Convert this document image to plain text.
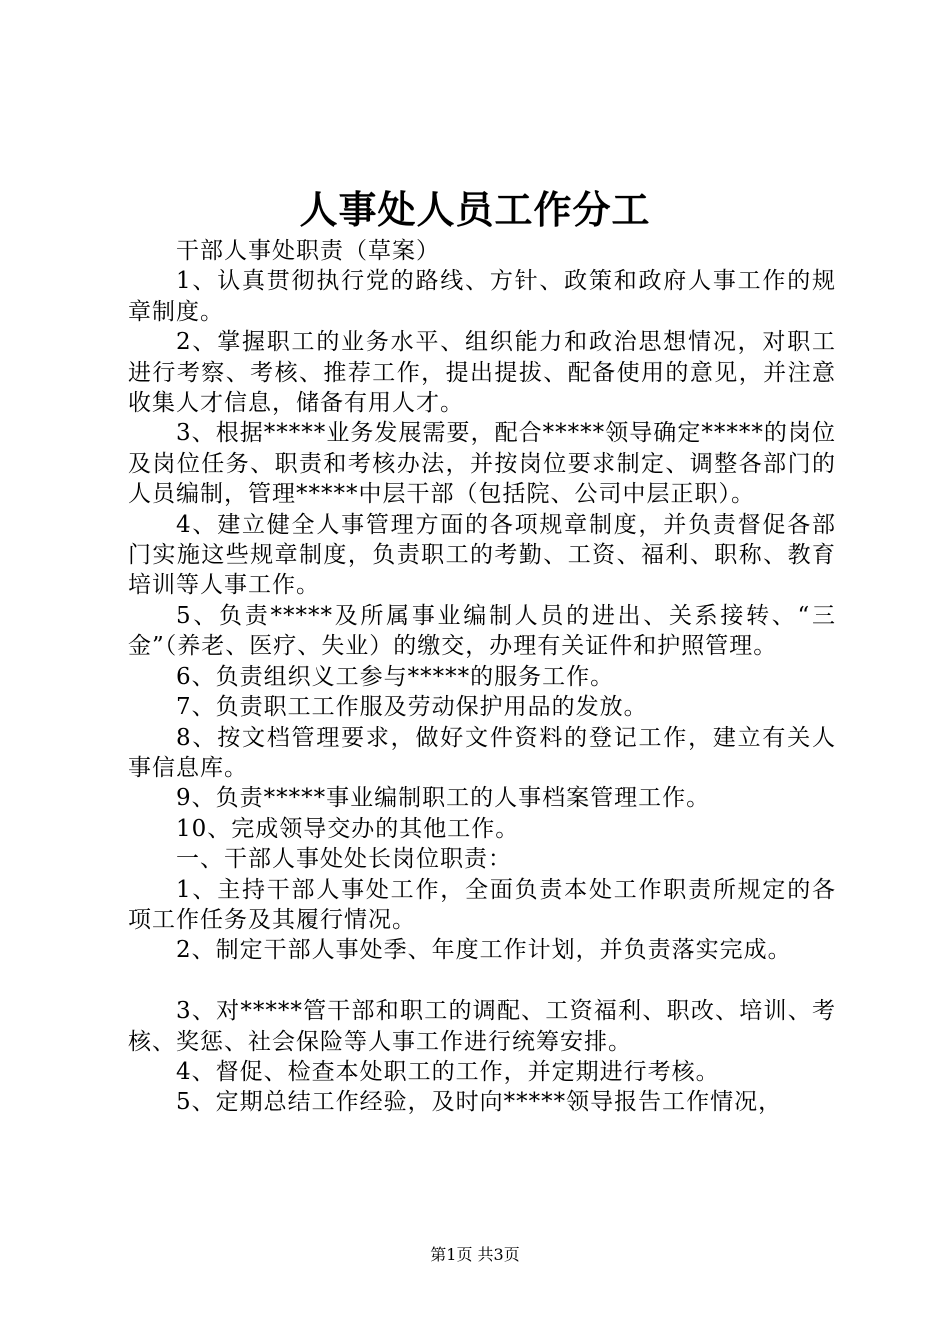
人事处人员工作分工

干部人事处职责（草案）

1、认真贯彻执行党的路线、方针、政策和政府人事工作的规章制度。

2、掌握职工的业务水平、组织能力和政治思想情况，对职工进行考察、考核、推荐工作，提出提拔、配备使用的意见，并注意收集人才信息，储备有用人才。

3、根据*****业务发展需要，配合*****领导确定*****的岗位及岗位任务、职责和考核办法，并按岗位要求制定、调整各部门的人员编制，管理*****中层干部（包括院、公司中层正职）。

4、建立健全人事管理方面的各项规章制度，并负责督促各部门实施这些规章制度，负责职工的考勤、工资、福利、职称、教育培训等人事工作。

5、负责*****及所属事业编制人员的进出、关系接转、“三金”（养老、医疗、失业）的缴交，办理有关证件和护照管理。

6、负责组织义工参与*****的服务工作。

7、负责职工工作服及劳动保护用品的发放。

8、按文档管理要求，做好文件资料的登记工作，建立有关人事信息库。

9、负责*****事业编制职工的人事档案管理工作。

10、完成领导交办的其他工作。

一、干部人事处处长岗位职责：

1、主持干部人事处工作，全面负责本处工作职责所规定的各项工作任务及其履行情况。

2、制定干部人事处季、年度工作计划，并负责落实完成。

3、对*****管干部和职工的调配、工资福利、职改、培训、考核、奖惩、社会保险等人事工作进行统筹安排。

4、督促、检查本处职工的工作，并定期进行考核。

5、定期总结工作经验，及时向*****领导报告工作情况，

第1页 共3页
